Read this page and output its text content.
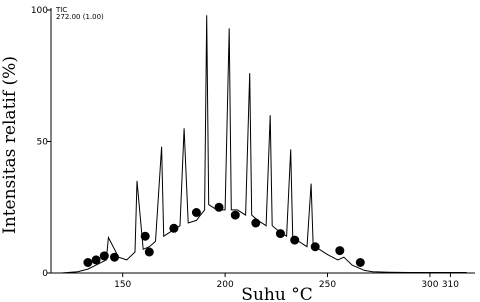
TIC
272.00 (1.00)
0
50
100
150	200	250	300 310
Intensitas relatif (%)
Suhu °C
